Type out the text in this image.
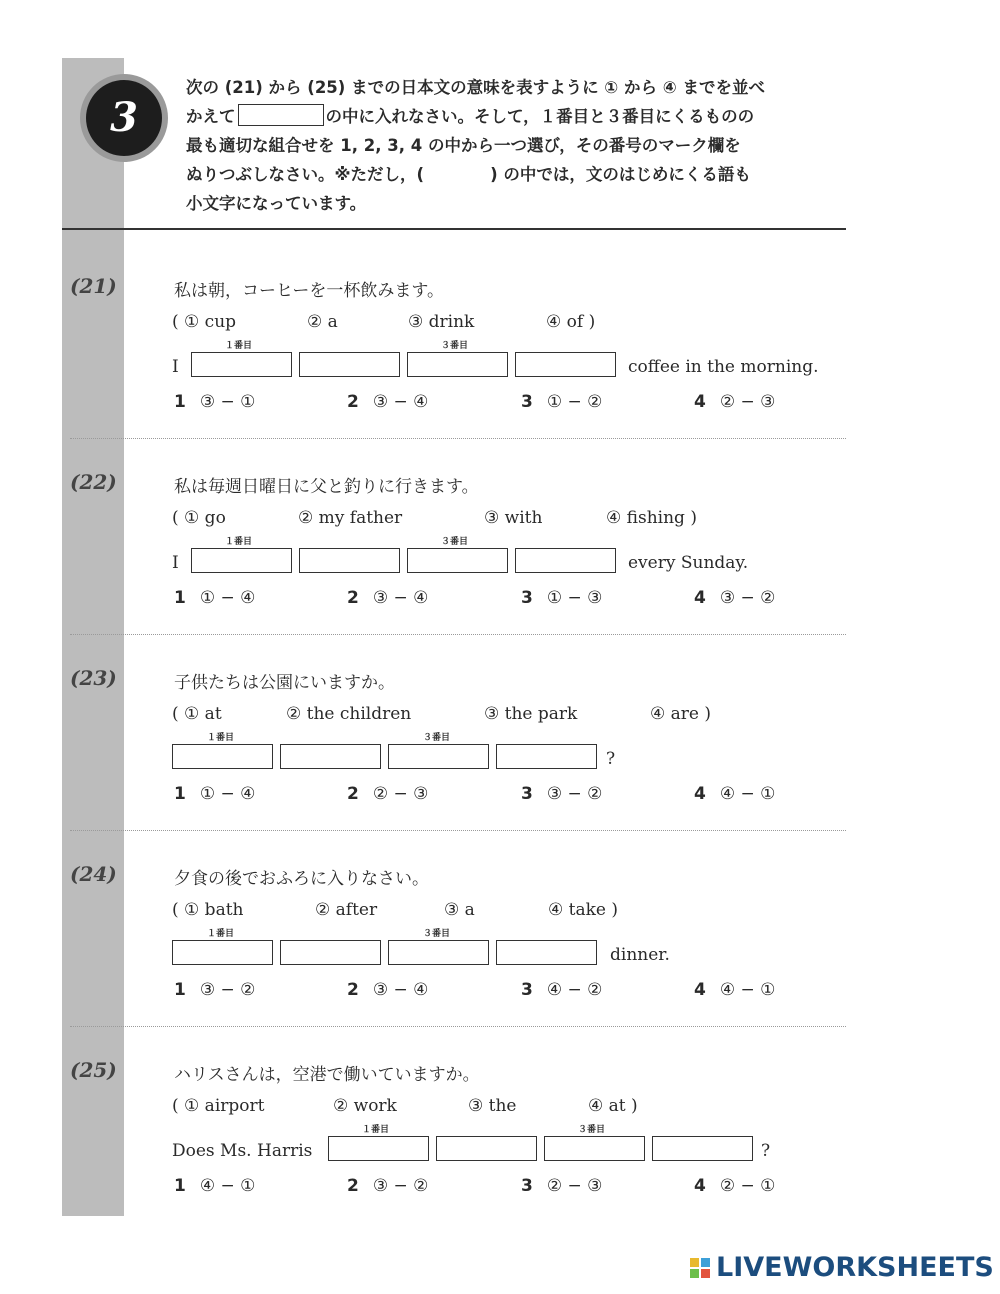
3
次の (21) から (25) までの日本文の意味を表すように ① から ④ までを並べ
かえて	の中に入れなさい。そして，１番目と３番目にくるものの
最も適切な組合せを 1, 2, 3, 4 の中から一つ選び，その番号のマーク欄を
ぬりつぶしなさい。※ただし，(　　　　) の中では，文のはじめにくる語も
小文字になっています。
(21)	私は朝，コーヒーを一杯飲みます。
( ① cup	② a	③ drink	④ of )
I
１番目	３番目
coffee in the morning.
1 ③ − ①	2 ③ − ④	3 ① − ②	4 ② − ③
(22)	私は毎週日曜日に父と釣りに行きます。
( ① go	② my father	③ with	④ fishing )
I
１番目	３番目
every Sunday.
1 ① − ④	2 ③ − ④	3 ① − ③	4 ③ − ②
(23)	子供たちは公園にいますか。
( ① at	② the children	③ the park	④ are )
１番目	３番目
?
1 ① − ④	2 ② − ③	3 ③ − ②	4 ④ − ①
(24)	夕食の後でおふろに入りなさい。
( ① bath	② after	③ a	④ take )
１番目	３番目
dinner.
1 ③ − ②	2 ③ − ④	3 ④ − ②	4 ④ − ①
(25)	ハリスさんは，空港で働いていますか。
( ① airport	② work	③ the	④ at )
Does Ms. Harris
１番目	３番目
?
1 ④ − ①	2 ③ − ②	3 ② − ③	4 ② − ①
LIVEWORKSHEETS
